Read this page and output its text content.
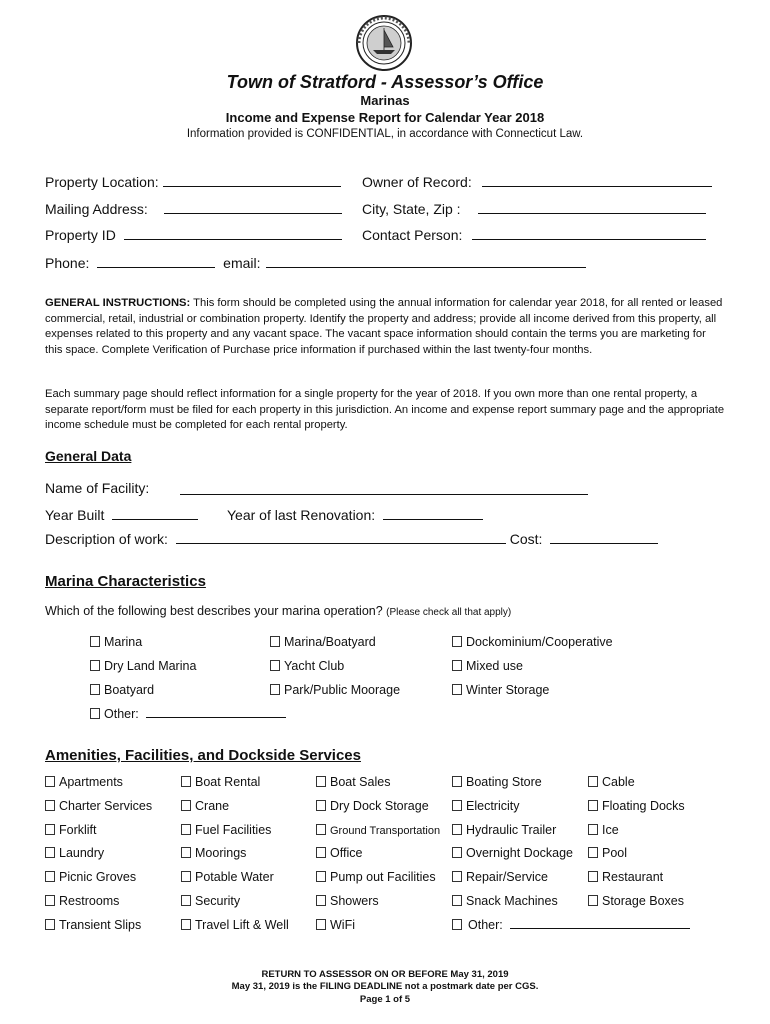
Town of Stratford - Assessor’s Office
Marinas
Income and Expense Report for Calendar Year 2018
Information provided is CONFIDENTIAL, in accordance with Connecticut Law.
Property Location:	Owner of Record:
Mailing Address:	City, State, Zip :
Property ID	Contact Person:
Phone:	email:
GENERAL INSTRUCTIONS: This form should be completed using the annual information for calendar year 2018, for all rented or leased commercial, retail, industrial or combination property. Identify the property and address; provide all income derived from this property, all expenses related to this property and any vacant space. The vacant space information should contain the terms you are marketing for this space. Complete Verification of Purchase price information if purchased within the last twenty-four months.
Each summary page should reflect information for a single property for the year of 2018. If you own more than one rental property, a separate report/form must be filed for each property in this jurisdiction. An income and expense report summary page and the appropriate income schedule must be completed for each rental property.
General Data
Name of Facility:
Year Built	Year of last Renovation:
Description of work:	Cost:
Marina Characteristics
Which of the following best describes your marina operation? (Please check all that apply)
Marina	Marina/Boatyard	Dockominium/Cooperative
Dry Land Marina	Yacht Club	Mixed use
Boatyard	Park/Public Moorage	Winter Storage
Other:
Amenities, Facilities, and Dockside Services
Apartments	Boat Rental	Boat Sales	Boating Store	Cable
Charter Services	Crane	Dry Dock Storage	Electricity	Floating Docks
Forklift	Fuel Facilities	Ground Transportation	Hydraulic Trailer	Ice
Laundry	Moorings	Office	Overnight Dockage	Pool
Picnic Groves	Potable Water	Pump out Facilities	Repair/Service	Restaurant
Restrooms	Security	Showers	Snack Machines	Storage Boxes
Transient Slips	Travel Lift & Well	WiFi	Other:
RETURN TO ASSESSOR ON OR BEFORE May 31, 2019
May 31, 2019 is the FILING DEADLINE not a postmark date per CGS.
Page 1 of 5
